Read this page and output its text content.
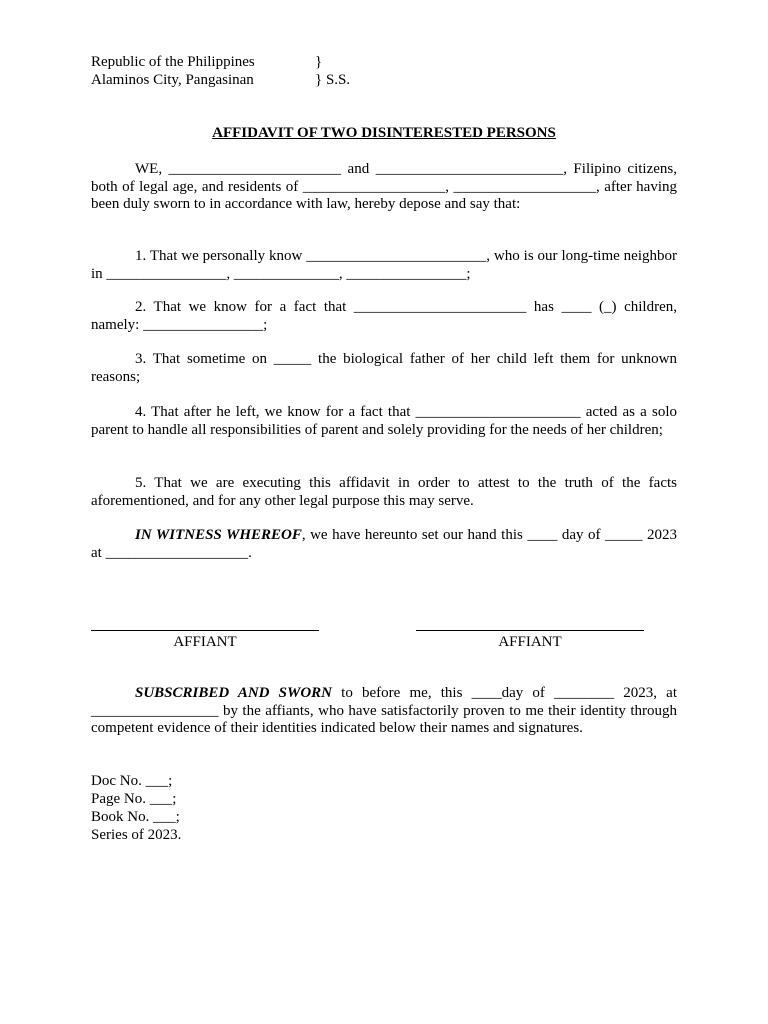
Republic of the Philippines	}
Alaminos City, Pangasinan	} S.S.
AFFIDAVIT OF TWO DISINTERESTED PERSONS
WE, _______________________ and _________________________, Filipino citizens, both of legal age, and residents of ___________________, ___________________, after having been duly sworn to in accordance with law, hereby depose and say that:
1. That we personally know ________________________, who is our long-time neighbor in ________________, ______________, ________________;
2. That we know for a fact that _______________________ has ____ (_) children, namely: ________________;
3. That sometime on _____ the biological father of her child left them for unknown reasons;
4. That after he left, we know for a fact that ______________________ acted as a solo parent to handle all responsibilities of parent and solely providing for the needs of her children;
5. That we are executing this affidavit in order to attest to the truth of the facts aforementioned, and for any other legal purpose this may serve.
IN WITNESS WHEREOF, we have hereunto set our hand this ____ day of _____ 2023 at ___________________.
AFFIANT	AFFIANT
SUBSCRIBED AND SWORN to before me, this ____day of ________ 2023, at _________________ by the affiants, who have satisfactorily proven to me their identity through competent evidence of their identities indicated below their names and signatures.
Doc No. ___;
Page No. ___;
Book No. ___;
Series of 2023.
